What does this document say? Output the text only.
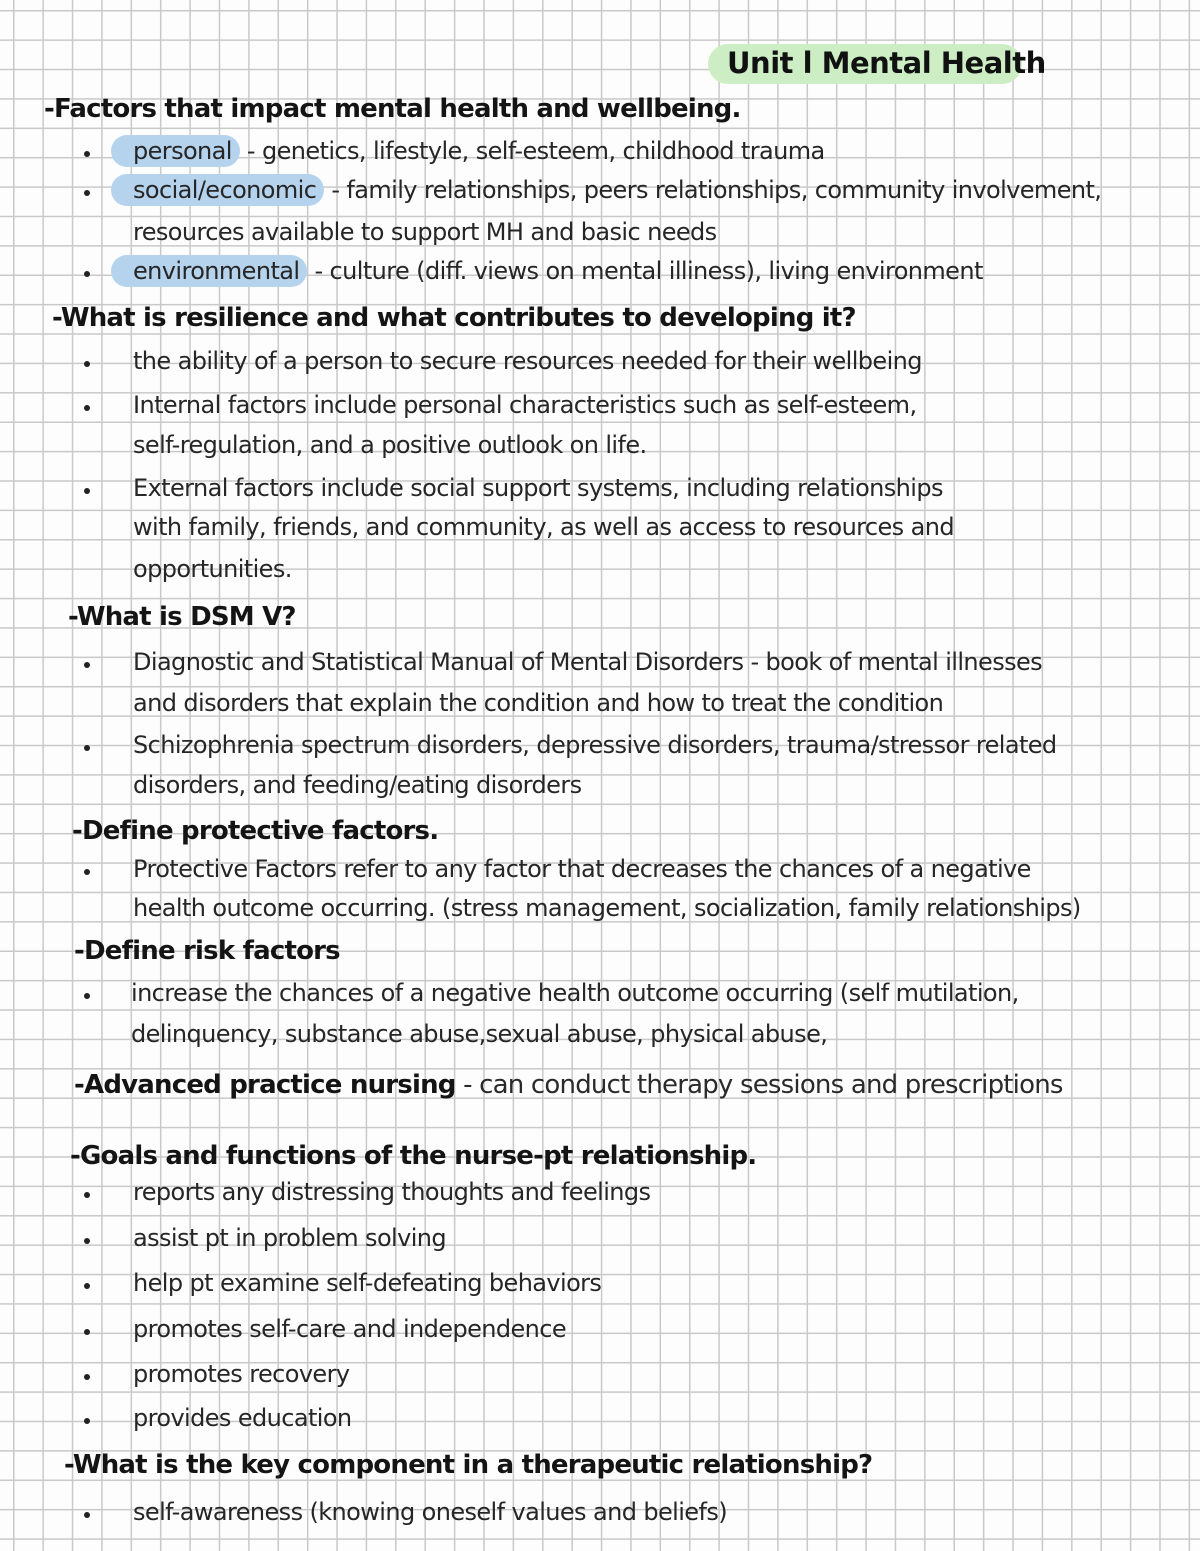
Unit l Mental Health
-Factors that impact mental health and wellbeing.
personal - genetics, lifestyle, self-esteem, childhood trauma
social/economic - family relationships, peers relationships, community involvement,
resources available to support MH and basic needs
environmental - culture (diff. views on mental illiness), living environment
-What is resilience and what contributes to developing it?
the ability of a person to secure resources needed for their wellbeing
Internal factors include personal characteristics such as self-esteem,
self-regulation, and a positive outlook on life.
External factors include social support systems, including relationships
with family, friends, and community, as well as access to resources and
opportunities.
-What is DSM V?
Diagnostic and Statistical Manual of Mental Disorders - book of mental illnesses
and disorders that explain the condition and how to treat the condition
Schizophrenia spectrum disorders, depressive disorders, trauma/stressor related
disorders, and feeding/eating disorders
-Define protective factors.
Protective Factors refer to any factor that decreases the chances of a negative
health outcome occurring. (stress management, socialization, family relationships)
-Define risk factors
increase the chances of a negative health outcome occurring (self mutilation,
delinquency, substance abuse,sexual abuse, physical abuse,
-Advanced practice nursing - can conduct therapy sessions and prescriptions
-Goals and functions of the nurse-pt relationship.
reports any distressing thoughts and feelings
assist pt in problem solving
help pt examine self-defeating behaviors
promotes self-care and independence
promotes recovery
provides education
-What is the key component in a therapeutic relationship?
self-awareness (knowing oneself values and beliefs)
